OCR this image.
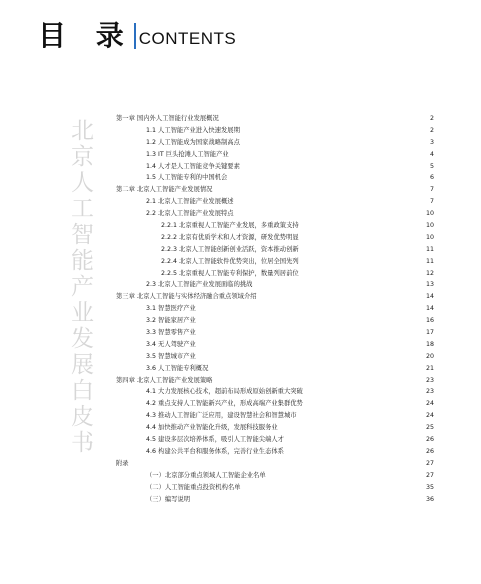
目 录 CONTENTS
北京人工智能产业发展白皮书	第一章 国内外人工智能行业发展概况	2
1.1 人工智能产业进入快速发展期	2
1.2 人工智能成为国家战略制高点	3
1.3 IT 巨头抢滩人工智能产业	4
1.4 人才是人工智能竞争关键要素	5
1.5 人工智能专利的中国机会	6
第二章 北京人工智能产业发展情况	7
2.1 北京人工智能产业发展概述	7
2.2 北京人工智能产业发展特点	10
2.2.1 北京重视人工智能产业发展，多重政策支持	10
2.2.2 北京有优质学术和人才资源，研发优势明显	10
2.2.3 北京人工智能创新创业活跃，资本推动创新	11
2.2.4 北京人工智能软件优势突出，位居全国先列	11
2.2.5 北京重视人工智能专利保护，数量列居前位	12
2.3 北京人工智能产业发展面临的挑战	13
第三章 北京人工智能与实体经济融合重点领域介绍	14
3.1 智慧医疗产业	14
3.2 智能家居产业	16
3.3 智慧零售产业	17
3.4 无人驾驶产业	18
3.5 智慧城市产业	20
3.6 人工智能专利概况	21
第四章 北京人工智能产业发展策略	23
4.1 大力发展核心技术，超前布局形成原始创新重大突破	23
4.2 重点支持人工智能新兴产业，形成高端产业集群优势	24
4.3 推动人工智能广泛应用，建设智慧社会和智慧城市	24
4.4 加快推动产业智能化升级，发展科技服务业	25
4.5 建设多层次培养体系，吸引人工智能尖端人才	26
4.6 构建公共平台和服务体系，完善行业生态体系	26
附录	27
（一）北京部分重点领域人工智能企业名单	27
（二）人工智能重点投资机构名单	35
（三）编写说明	36
